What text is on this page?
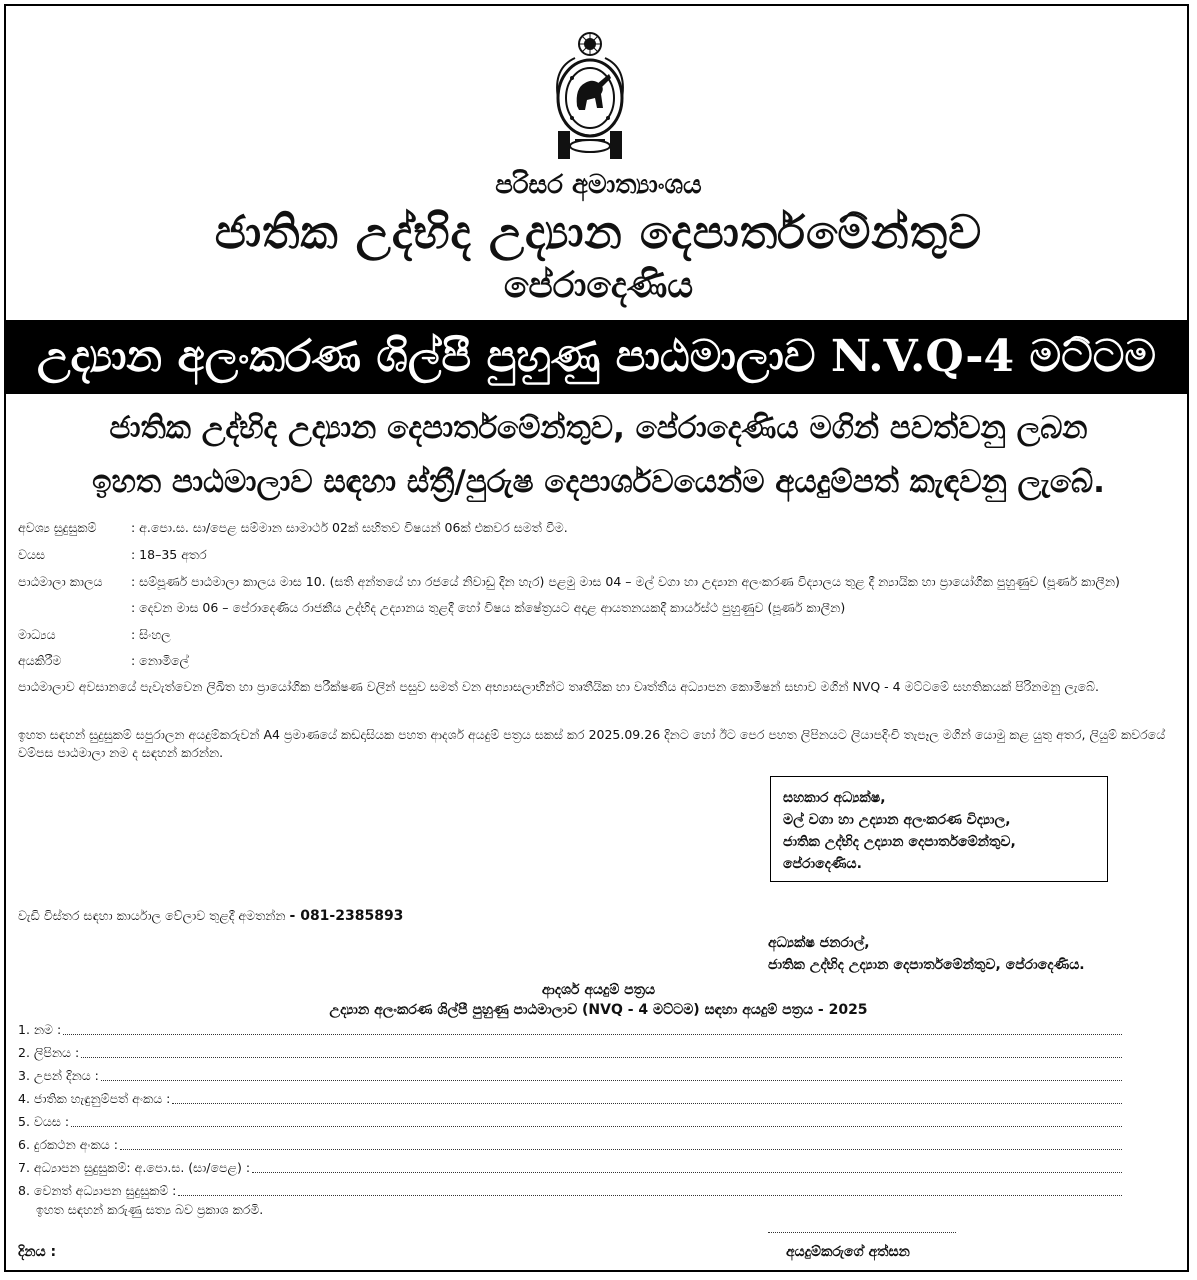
පරිසර අමාත්‍යාංශය
ජාතික උද්භිද උද්‍යාන දෙපාර්තමේන්තුව
පේරාදෙණිය
උද්‍යාන අලංකරණ ශිල්පී පුහුණු පාඨමාලාව N.V.Q-4 මට්ටම
ජාතික උද්භිද උද්‍යාන දෙපාර්තමේන්තුව, පේරාදෙණිය මගින් පවත්වනු ලබන
ඉහත පාඨමාලාව සඳහා ස්ත්‍රී/පුරුෂ දෙපාර්ශවයෙන්ම අයදුම්පත් කැඳවනු ලැබේ.
අවශ්‍ය සුදුසුකම්	: අ.පො.ස. සා/පෙළ සම්මාන සාමාර්ථ 02ක් සහිතව විෂයන් 06ක් එකවර සමත් වීම.
වයස	: 18–35 අතර
පාඨමාලා කාලය : සම්පූර්ණ පාඨමාලා කාලය මාස 10. (සති අන්තයේ හා රජයේ නිවාඩු දින හැර) පළමු මාස 04 – මල් වගා හා උද්‍යාන අලංකරණ විද්‍යාලය තුළ දී න්‍යායික හා ප්‍රායෝගික පුහුණුව (පූර්ණ කාලීන)
: දෙවන මාස 06 – පේරාදෙණිය රාජකීය උද්භිද උද්‍යානය තුළදී හෝ විෂය ක්ෂේත්‍රයට අදාළ ආයතනයකදී කාර්යස්ථ පුහුණුව (පූර්ණ කාලීන)
මාධ්‍යය	: සිංහල
අයකිරීම	: නොමිලේ
පාඨමාලාව අවසානයේ පැවැත්වෙන ලිඛිත හා ප්‍රායෝගික පරීක්ෂණ වලින් පසුව සමත් වන අභ්‍යාසලාභීන්ට තෘතීයික හා වෘත්තීය අධ්‍යාපන කොමිෂන් සභාව මගින් NVQ - 4 මට්ටමේ සහතිකයක් පිරිනමනු ලැබේ.
ඉහත සඳහන් සුදුසුකම් සපුරාලන අයදුම්කරුවන් A4 ප්‍රමාණයේ කඩදාසියක පහත ආදර්ශ අයදුම් පත්‍රය සකස් කර 2025.09.26 දිනට හෝ ඊට පෙර පහත ලිපිනයට ලියාපදිංචි තැපෑල මගින් යොමු කළ යුතු අතර, ලියුම් කවරයේ වම්පස පාඨමාලා නම ද සඳහන් කරන්න.
සහකාර අධ්‍යක්ෂ,
මල් වගා හා උද්‍යාන අලංකරණ විද්‍යාල,
ජාතික උද්භිද උද්‍යාන දෙපාර්තමේන්තුව,
පේරාදෙණිය.
වැඩි විස්තර සඳහා කාර්යාල වේලාව තුළදී අමතන්න - 081-2385893
අධ්‍යක්ෂ ජනරාල්,
ජාතික උද්භිද උද්‍යාන දෙපාර්තමේන්තුව, පේරාදෙණිය.
ආදර්ශ අයදුම් පත්‍රය
උද්‍යාන අලංකරණ ශිල්පී පුහුණු පාඨමාලාව (NVQ - 4 මට්ටම) සඳහා අයදුම් පත්‍රය - 2025
1. නම :
2. ලිපිනය :
3. උපන් දිනය :
4. ජාතික හැඳුනුම්පත් අංකය :
5. වයස :
6. දුරකථන අංකය :
7. අධ්‍යාපන සුදුසුකම්: අ.පො.ස. (සා/පෙළ) :
8. වෙනත් අධ්‍යාපන සුදුසුකම් :
ඉහත සඳහන් කරුණු සත්‍ය බව ප්‍රකාශ කරමි.
දිනය :	අයදුම්කරුගේ අත්සන
